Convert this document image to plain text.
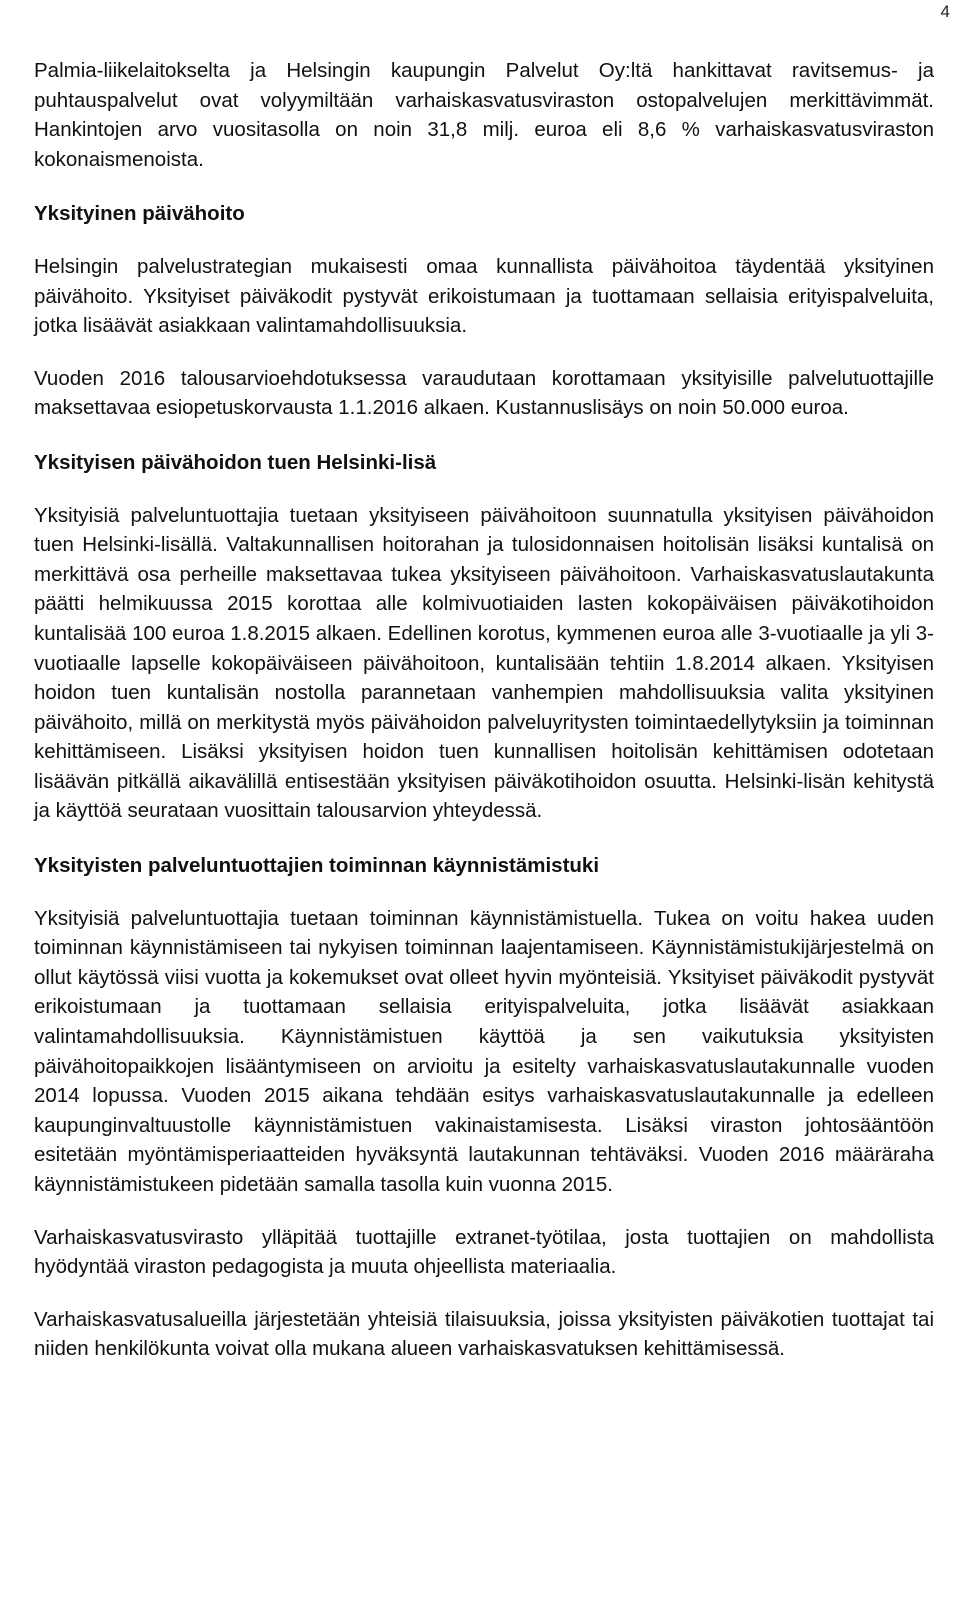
4

Palmia-liikelaitokselta ja Helsingin kaupungin Palvelut Oy:ltä hankittavat ravitsemus- ja puhtauspalvelut ovat volyymiltään varhaiskasvatusviraston ostopalvelujen merkittävimmät. Hankintojen arvo vuositasolla on noin 31,8 milj. euroa eli 8,6 % varhaiskasvatusviraston kokonaismenoista.

Yksityinen päivähoito

Helsingin palvelustrategian mukaisesti omaa kunnallista päivähoitoa täydentää yksityinen päivähoito. Yksityiset päiväkodit pystyvät erikoistumaan ja tuottamaan sellaisia erityispalveluita, jotka lisäävät asiakkaan valintamahdollisuuksia.

Vuoden 2016 talousarvioehdotuksessa varaudutaan korottamaan yksityisille palvelutuottajille maksettavaa esiopetuskorvausta 1.1.2016 alkaen. Kustannuslisäys on noin 50.000 euroa.

Yksityisen päivähoidon tuen Helsinki-lisä

Yksityisiä palveluntuottajia tuetaan yksityiseen päivähoitoon suunnatulla yksityisen päivähoidon tuen Helsinki-lisällä. Valtakunnallisen hoitorahan ja tulosidonnaisen hoitolisän lisäksi kuntalisä on merkittävä osa perheille maksettavaa tukea yksityiseen päivähoitoon. Varhaiskasvatuslautakunta päätti helmikuussa 2015 korottaa alle kolmivuotiaiden lasten kokopäiväisen päiväkotihoidon kuntalisää 100 euroa 1.8.2015 alkaen. Edellinen korotus, kymmenen euroa alle 3-vuotiaalle ja yli 3-vuotiaalle lapselle kokopäiväiseen päivähoitoon, kuntalisään tehtiin 1.8.2014 alkaen. Yksityisen hoidon tuen kuntalisän nostolla parannetaan vanhempien mahdollisuuksia valita yksityinen päivähoito, millä on merkitystä myös päivähoidon palveluyritysten toimintaedellytyksiin ja toiminnan kehittämiseen. Lisäksi yksityisen hoidon tuen kunnallisen hoitolisän kehittämisen odotetaan lisäävän pitkällä aikavälillä entisestään yksityisen päiväkotihoidon osuutta. Helsinki-lisän kehitystä ja käyttöä seurataan vuosittain talousarvion yhteydessä.

Yksityisten palveluntuottajien toiminnan käynnistämistuki

Yksityisiä palveluntuottajia tuetaan toiminnan käynnistämistuella. Tukea on voitu hakea uuden toiminnan käynnistämiseen tai nykyisen toiminnan laajentamiseen. Käynnistämistukijärjestelmä on ollut käytössä viisi vuotta ja kokemukset ovat olleet hyvin myönteisiä. Yksityiset päiväkodit pystyvät erikoistumaan ja tuottamaan sellaisia erityispalveluita, jotka lisäävät asiakkaan valintamahdollisuuksia. Käynnistämistuen käyttöä ja sen vaikutuksia yksityisten päivähoitopaikkojen lisääntymiseen on arvioitu ja esitelty varhaiskasvatuslautakunnalle vuoden 2014 lopussa. Vuoden 2015 aikana tehdään esitys varhaiskasvatuslautakunnalle ja edelleen kaupunginvaltuustolle käynnistämistuen vakinaistamisesta. Lisäksi viraston johtosääntöön esitetään myöntämisperiaatteiden hyväksyntä lautakunnan tehtäväksi. Vuoden 2016 määräraha käynnistämistukeen pidetään samalla tasolla kuin vuonna 2015.

Varhaiskasvatusvirasto ylläpitää tuottajille extranet-työtilaa, josta tuottajien on mahdollista hyödyntää viraston pedagogista ja muuta ohjeellista materiaalia.

Varhaiskasvatusalueilla järjestetään yhteisiä tilaisuuksia, joissa yksityisten päiväkotien tuottajat tai niiden henkilökunta voivat olla mukana alueen varhaiskasvatuksen kehittämisessä.
